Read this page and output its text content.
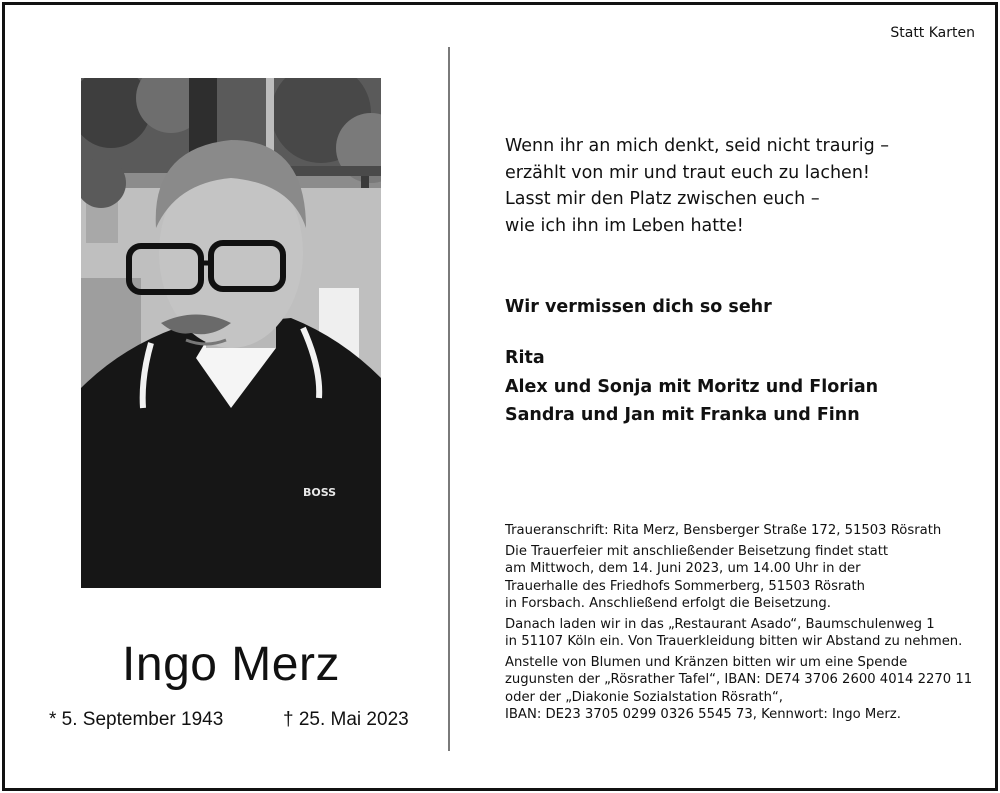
Statt Karten
BOSS
Ingo Merz
* 5. September 1943	† 25. Mai 2023
Wenn ihr an mich denkt, seid nicht traurig –
erzählt von mir und traut euch zu lachen!
Lasst mir den Platz zwischen euch –
wie ich ihn im Leben hatte!
Wir vermissen dich so sehr
Rita
Alex und Sonja mit Moritz und Florian
Sandra und Jan mit Franka und Finn
Traueranschrift: Rita Merz, Bensberger Straße 172, 51503 Rösrath
Die Trauerfeier mit anschließender Beisetzung findet statt
am Mittwoch, dem 14. Juni 2023, um 14.00 Uhr in der
Trauerhalle des Friedhofs Sommerberg, 51503 Rösrath
in Forsbach. Anschließend erfolgt die Beisetzung.
Danach laden wir in das „Restaurant Asado“, Baumschulenweg 1
in 51107 Köln ein. Von Trauerkleidung bitten wir Abstand zu nehmen.
Anstelle von Blumen und Kränzen bitten wir um eine Spende
zugunsten der „Rösrather Tafel“, IBAN: DE74 3706 2600 4014 2270 11
oder der „Diakonie Sozialstation Rösrath“,
IBAN: DE23 3705 0299 0326 5545 73, Kennwort: Ingo Merz.
